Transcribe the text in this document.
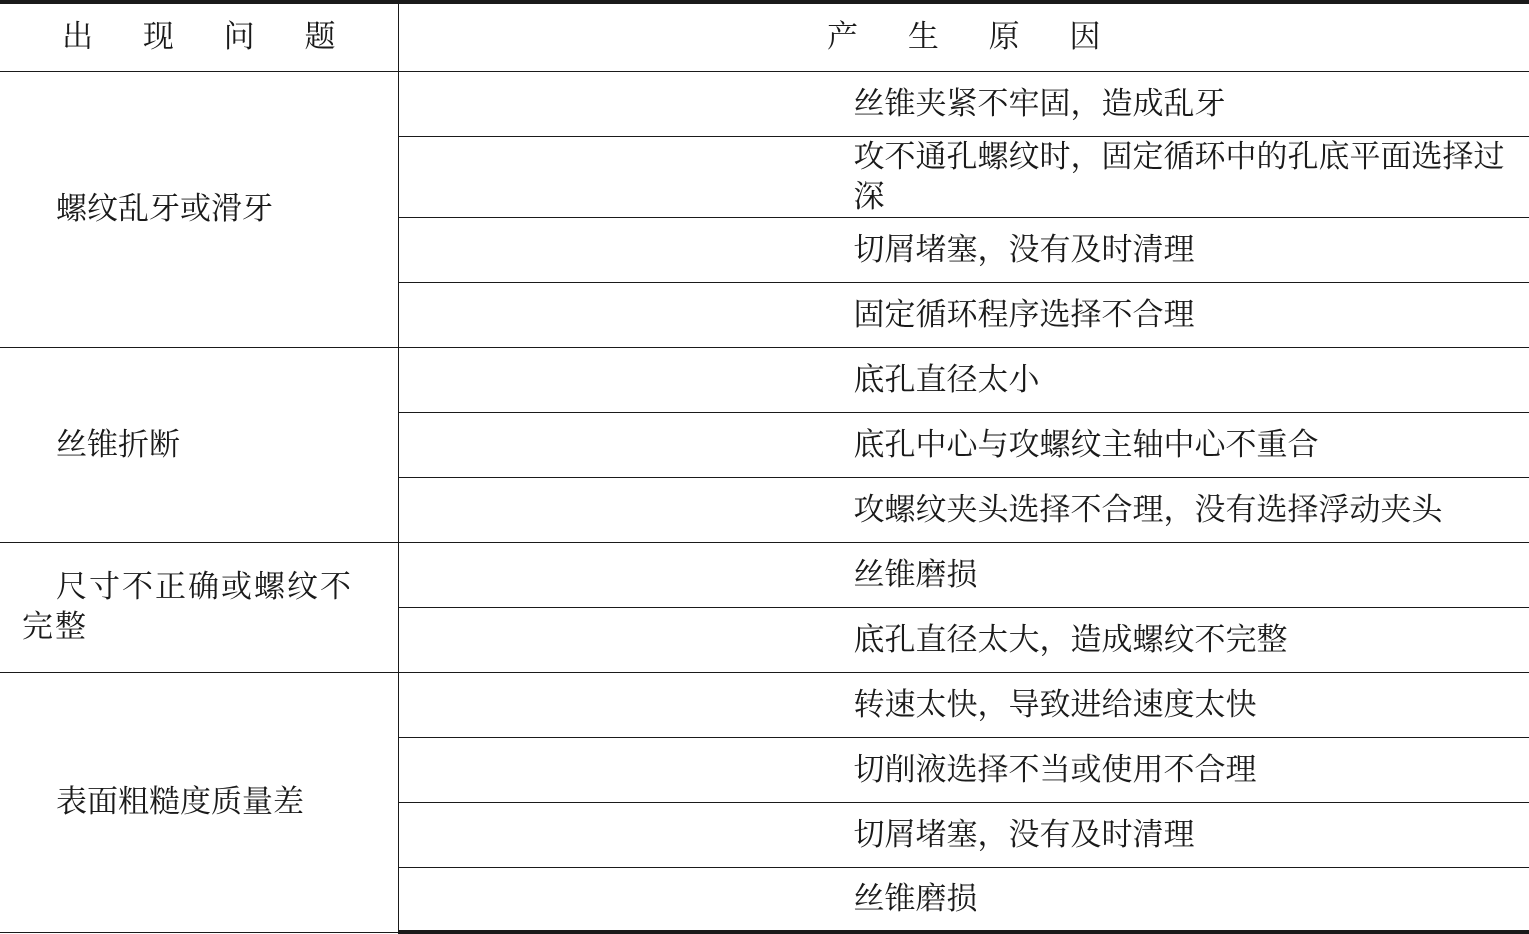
出 现 问 题	产 生 原 因
螺纹乱牙或滑牙	丝锥夹紧不牢固，造成乱牙
	攻不通孔螺纹时，固定循环中的孔底平面选择过深
	切屑堵塞，没有及时清理
	固定循环程序选择不合理
丝锥折断	底孔直径太小
	底孔中心与攻螺纹主轴中心不重合
	攻螺纹夹头选择不合理，没有选择浮动夹头
尺寸不正确或螺纹不完整	丝锥磨损
	底孔直径太大，造成螺纹不完整
表面粗糙度质量差	转速太快，导致进给速度太快
	切削液选择不当或使用不合理
	切屑堵塞，没有及时清理
	丝锥磨损
